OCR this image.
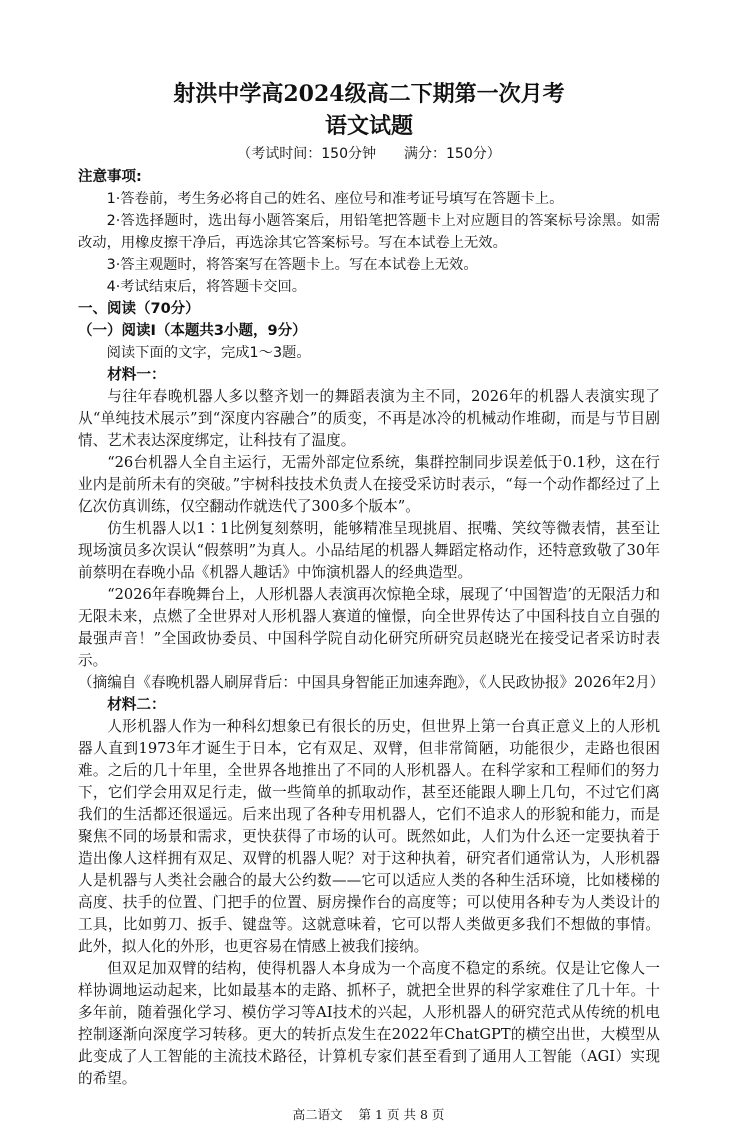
射洪中学高2024级高二下期第一次月考
语文试题
（考试时间：150分钟 满分：150分）
注意事项:

1·答卷前，考生务必将自己的姓名、座位号和准考证号填写在答题卡上。

2·答选择题时，选出每小题答案后，用铅笔把答题卡上对应题目的答案标号涂黑。如需改动，用橡皮擦干净后，再选涂其它答案标号。写在本试卷上无效。

3·答主观题时，将答案写在答题卡上。写在本试卷上无效。

4·考试结束后，将答题卡交回。

一、阅读（70分）
（一）阅读Ⅰ（本题共3小题，9分）

阅读下面的文字，完成1～3题。

材料一：

与往年春晚机器人多以整齐划一的舞蹈表演为主不同，2026年的机器人表演实现了从“单纯技术展示”到“深度内容融合”的质变，不再是冰冷的机械动作堆砌，而是与节目剧情、艺术表达深度绑定，让科技有了温度。

“26台机器人全自主运行，无需外部定位系统，集群控制同步误差低于0.1秒，这在行业内是前所未有的突破。”宇树科技技术负责人在接受采访时表示，“每一个动作都经过了上亿次仿真训练，仅空翻动作就迭代了300多个版本”。

仿生机器人以1∶1比例复刻蔡明，能够精准呈现挑眉、抿嘴、笑纹等微表情，甚至让现场演员多次误认“假蔡明”为真人。小品结尾的机器人舞蹈定格动作，还特意致敬了30年前蔡明在春晚小品《机器人趣话》中饰演机器人的经典造型。

“2026年春晚舞台上，人形机器人表演再次惊艳全球，展现了‘中国智造’的无限活力和无限未来，点燃了全世界对人形机器人赛道的憧憬，向全世界传达了中国科技自立自强的最强声音！”全国政协委员、中国科学院自动化研究所研究员赵晓光在接受记者采访时表示。

（摘编自《春晚机器人刷屏背后：中国具身智能正加速奔跑》，《人民政协报》2026年2月）

材料二：

人形机器人作为一种科幻想象已有很长的历史，但世界上第一台真正意义上的人形机器人直到1973年才诞生于日本，它有双足、双臂，但非常简陋，功能很少，走路也很困难。之后的几十年里，全世界各地推出了不同的人形机器人。在科学家和工程师们的努力下，它们学会用双足行走，做一些简单的抓取动作，甚至还能跟人聊上几句，不过它们离我们的生活都还很遥远。后来出现了各种专用机器人，它们不追求人的形貌和能力，而是聚焦不同的场景和需求，更快获得了市场的认可。既然如此，人们为什么还一定要执着于造出像人这样拥有双足、双臂的机器人呢？对于这种执着，研究者们通常认为，人形机器人是机器与人类社会融合的最大公约数——它可以适应人类的各种生活环境，比如楼梯的高度、扶手的位置、门把手的位置、厨房操作台的高度等；可以使用各种专为人类设计的工具，比如剪刀、扳手、键盘等。这就意味着，它可以帮人类做更多我们不想做的事情。此外，拟人化的外形，也更容易在情感上被我们接纳。

但双足加双臂的结构，使得机器人本身成为一个高度不稳定的系统。仅是让它像人一样协调地运动起来，比如最基本的走路、抓杯子，就把全世界的科学家难住了几十年。十多年前，随着强化学习、模仿学习等AI技术的兴起，人形机器人的研究范式从传统的机电控制逐渐向深度学习转移。更大的转折点发生在2022年ChatGPT的横空出世，大模型从此变成了人工智能的主流技术路径，计算机专家们甚至看到了通用人工智能（AGI）实现的希望。

高二语文 第 1 页 共 8 页
